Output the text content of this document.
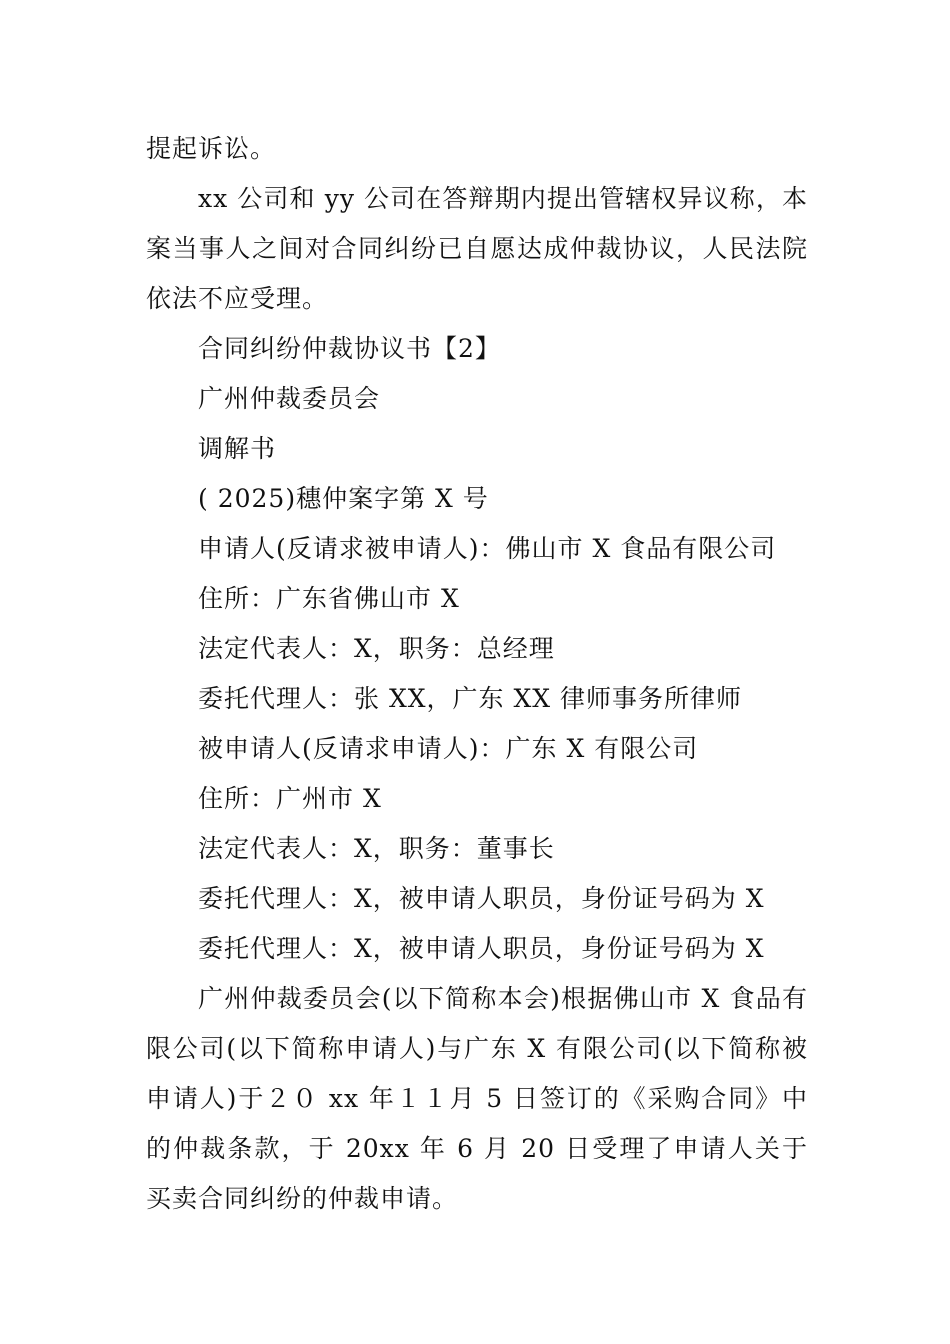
提起诉讼。

xx 公司和 yy 公司在答辩期内提出管辖权异议称，本案当事人之间对合同纠纷已自愿达成仲裁协议，人民法院依法不应受理。

合同纠纷仲裁协议书【2】

广州仲裁委员会

调解书

( 2025)穗仲案字第 X 号

申请人(反请求被申请人)：佛山市 X 食品有限公司

住所：广东省佛山市 X

法定代表人：X，职务：总经理

委托代理人：张 XX，广东 XX 律师事务所律师

被申请人(反请求申请人)：广东 X 有限公司

住所：广州市 X

法定代表人：X，职务：董事长

委托代理人：X，被申请人职员，身份证号码为 X

委托代理人：X，被申请人职员，身份证号码为 X

广州仲裁委员会(以下简称本会)根据佛山市 X 食品有限公司(以下简称申请人)与广东 X 有限公司(以下简称被申请人)于２０ xx 年１１月 5 日签订的《采购合同》中的仲裁条款，于 20xx 年 6 月 20 日受理了申请人关于买卖合同纠纷的仲裁申请。
